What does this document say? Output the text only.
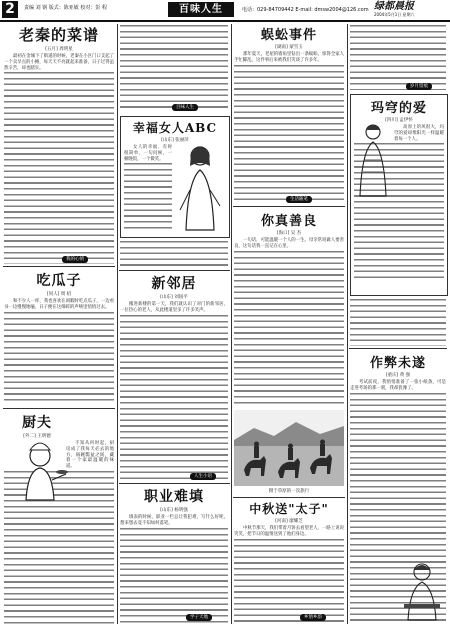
2	责编 刘 钢 版式：陈亚敏 校对：彭 程	百味人生	电话：029-84709442 E-mail: dmsw2004@126.com 绿都晨报
2004年5月1日 星期六
老秦的菜谱
[五月] 周明星

最初在金城下了街道的时候，老秦在小区门口支起了一个卖早点的小摊，每天天不亮就起来准备，日子过得虽然辛苦，却也踏实。

我的心情
吃瓜子
[同人] 周 绍

和不少人一样，我也喜欢在闲暇时吃点瓜子，一边看书一边慢慢地嗑，日子便在这细碎的声响里悄悄过去。

厨夫
[外二] 王明德

不知从何时起，厨房成了我每天必去的地方，锅碗瓢盆之间，藏着一个家最温暖的味道。

百味人生
幸福女人ABC
[山东] 张丽萍

女人的幸福，有时很简单，一句问候，一顿晚饭，一个微笑。

新邻居
[山东] 刘国平

搬进新楼的第一天，我们就认识了对门的新邻居，一位热心的老人，从此楼道里多了许多笑声。

人生小语
职业难填
[山东] 杨明强

填表的时候，职业一栏总让我犯难，写什么好呢，想来想去竟不知如何落笔。

学子天地
蜈蚣事件
[湖南] 蒙雪玉

那年夏天，老屋的墙角里钻出一条蜈蚣，惊得全家人手忙脚乱，这件事后来被我们笑谈了许多年。

生活随笔
你真善良
[海口] 吴 杰

一句话，可能温暖一个人的一生。母亲常说做人要善良，这句话我一直记在心里。

摄于草原的一次旅行
中秋送"太子"
[河南] 廖耀芝

中秋节那天，我们带着月饼去看望老人，一路上说说笑笑，把节日的温情送到了他们身边。

乡情乡韵
岁月留痕
玛穹的爱
[四川] 孟伊怀

高原上的风很大，玛穹的爱却像阳光一样温暖着每一个人。

作弊未遂
[重庆] 黄 强

考试前夜，我悄悄准备了一张小纸条，可是走进考场的那一刻，我却犹豫了。
